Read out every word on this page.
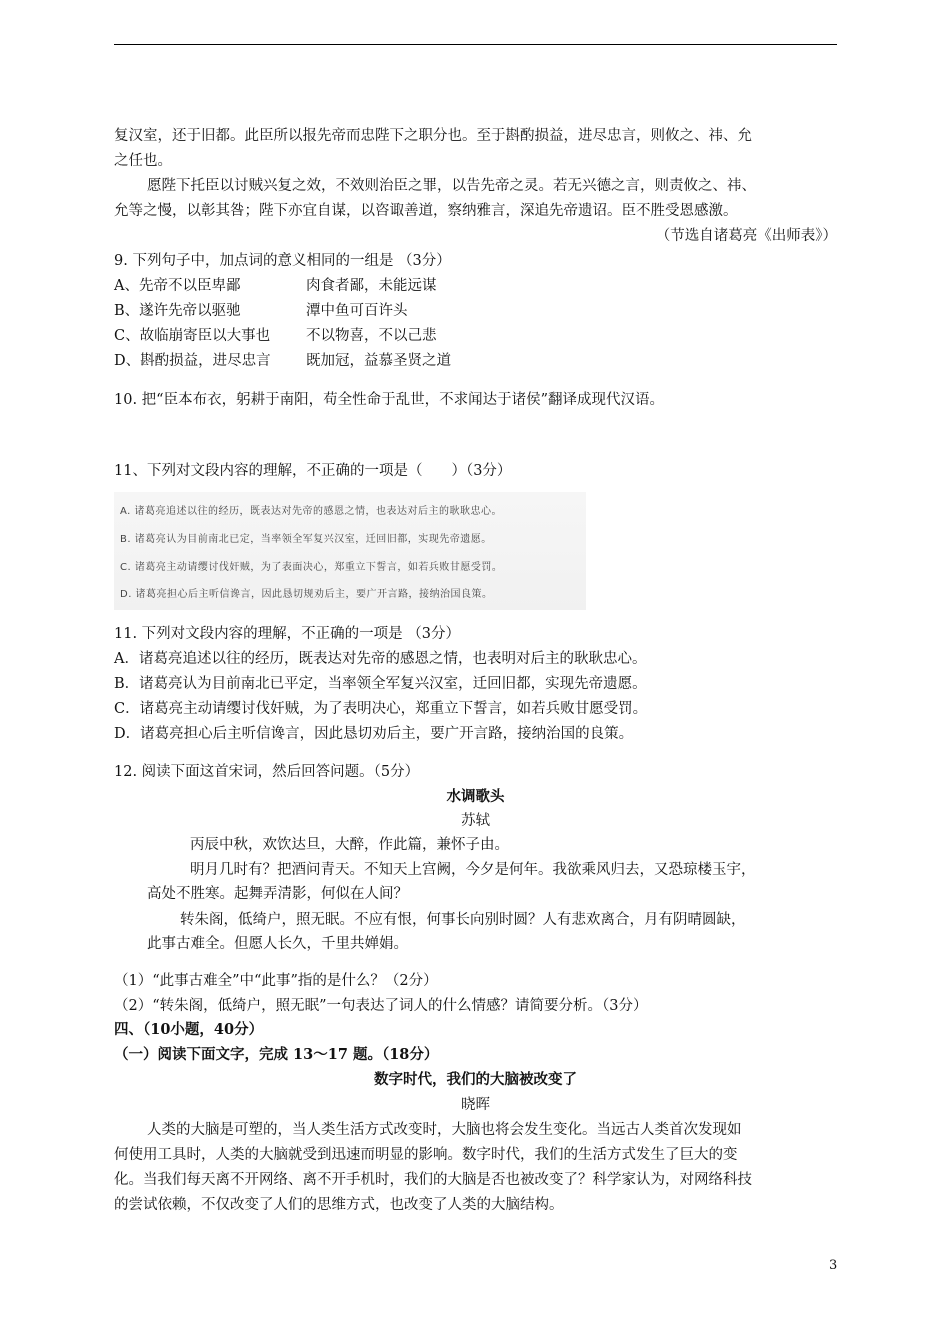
复汉室，还于旧都。此臣所以报先帝而忠陛下之职分也。至于斟酌损益，进尽忠言，则攸之、祎、允
之任也。
愿陛下托臣以讨贼兴复之效，不效则治臣之罪，以告先帝之灵。若无兴德之言，则责攸之、祎、
允等之慢，以彰其咎；陛下亦宜自谋，以咨诹善道，察纳雅言，深追先帝遗诏。臣不胜受恩感激。
（节选自诸葛亮《出师表》）
9. 下列句子中，加点词的意义相同的一组是 （3分）
A、先帝不以臣卑鄙	肉食者鄙，未能远谋
B、遂许先帝以驱驰	潭中鱼可百许头
C、故临崩寄臣以大事也 不以物喜，不以己悲
D、斟酌损益，进尽忠言 既加冠，益慕圣贤之道
10. 把“臣本布衣，躬耕于南阳，苟全性命于乱世，不求闻达于诸侯”翻译成现代汉语。
11、下列对文段内容的理解，不正确的一项是（　　）（3分）
A. 诸葛亮追述以往的经历，既表达对先帝的感恩之情，也表达对后主的耿耿忠心。
B. 诸葛亮认为目前南北已定，当率领全军复兴汉室，迁回旧都，实现先帝遗愿。
C. 诸葛亮主动请缨讨伐奸贼，为了表面决心，郑重立下誓言，如若兵败甘愿受罚。
D. 诸葛亮担心后主听信谗言，因此恳切规劝后主，要广开言路，接纳治国良策。
11. 下列对文段内容的理解，不正确的一项是 （3分）
A．诸葛亮追述以往的经历，既表达对先帝的感恩之情，也表明对后主的耿耿忠心。
B．诸葛亮认为目前南北已平定，当率领全军复兴汉室，迁回旧都，实现先帝遗愿。
C．诸葛亮主动请缨讨伐奸贼，为了表明决心，郑重立下誓言，如若兵败甘愿受罚。
D．诸葛亮担心后主听信谗言，因此恳切劝后主，要广开言路，接纳治国的良策。
12. 阅读下面这首宋词，然后回答问题。（5分）
水调歌头
苏轼
丙辰中秋，欢饮达旦，大醉，作此篇，兼怀子由。
明月几时有？把酒问青天。不知天上宫阙，今夕是何年。我欲乘风归去，又恐琼楼玉宇，
高处不胜寒。起舞弄清影，何似在人间？
转朱阁，低绮户，照无眠。不应有恨，何事长向别时圆？人有悲欢离合，月有阴晴圆缺，
此事古难全。但愿人长久，千里共婵娟。
（1）“此事古难全”中“此事”指的是什么？（2分）
（2）“转朱阁，低绮户，照无眠”一句表达了词人的什么情感？请简要分析。（3分）
四、（10小题，40分）
（一）阅读下面文字，完成 13～17 题。（18分）
数字时代，我们的大脑被改变了
晓晖
人类的大脑是可塑的，当人类生活方式改变时，大脑也将会发生变化。当远古人类首次发现如
何使用工具时，人类的大脑就受到迅速而明显的影响。数字时代，我们的生活方式发生了巨大的变
化。当我们每天离不开网络、离不开手机时，我们的大脑是否也被改变了？科学家认为，对网络科技
的尝试依赖，不仅改变了人们的思维方式，也改变了人类的大脑结构。
3
